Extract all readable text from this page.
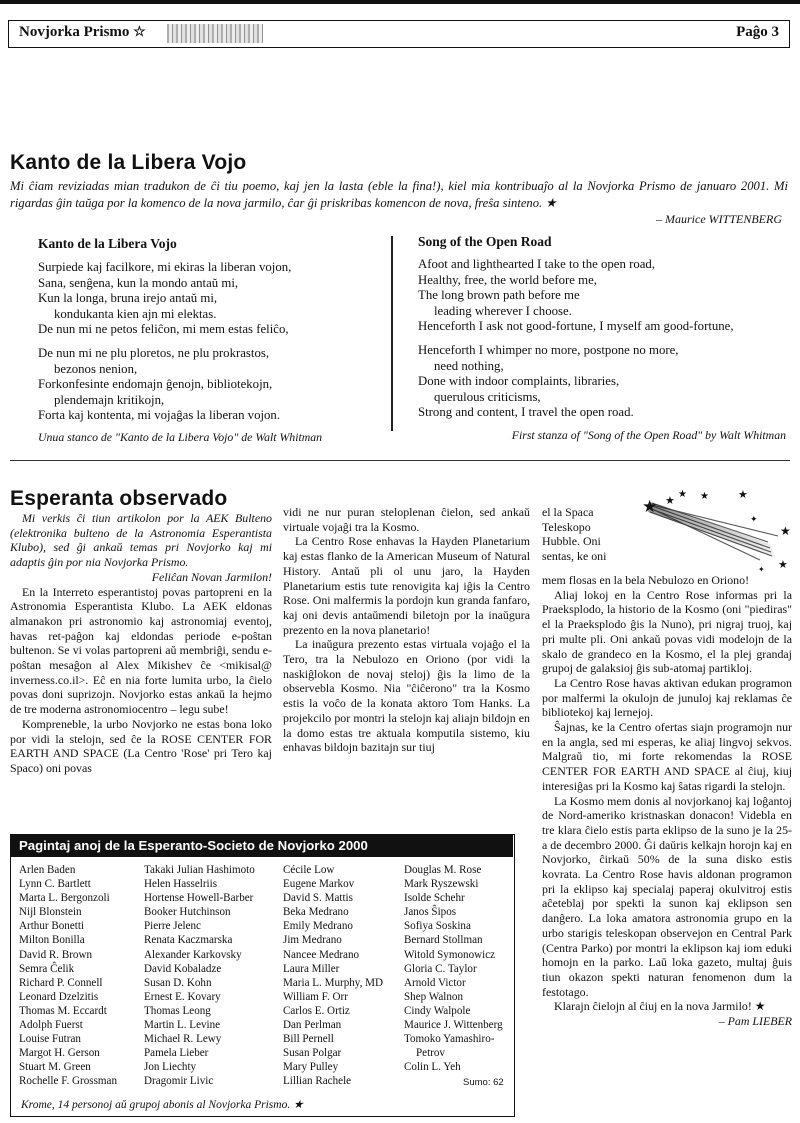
Novjorka Prismo ☆	Paĝo 3
Kanto de la Libera Vojo
Mi ĉiam reviziadas mian tradukon de ĉi tiu poemo, kaj jen la lasta (eble la fina!), kiel mia kontribuaĵo al la Novjorka Prismo de januaro 2001. Mi rigardas ĝin taŭga por la komenco de la nova jarmilo, ĉar ĝi priskribas komencon de nova, freŝa sinteno. ★
– Maurice WITTENBERG
Kanto de la Libera Vojo
Surpiede kaj facilkore, mi ekiras la liberan vojon,
Sana, senĝena, kun la mondo antaŭ mi,
Kun la longa, bruna irejo antaŭ mi,
kondukanta kien ajn mi elektas.
De nun mi ne petos feliĉon, mi mem estas feliĉo,
De nun mi ne plu ploretos, ne plu prokrastos,
bezonos nenion,
Forkonfesinte endomajn ĝenojn, bibliotekojn,
plendemajn kritikojn,
Forta kaj kontenta, mi vojaĝas la liberan vojon.
Unua stanco de "Kanto de la Libera Vojo" de Walt Whitman
Song of the Open Road
Afoot and lighthearted I take to the open road,
Healthy, free, the world before me,
The long brown path before me
leading wherever I choose.
Henceforth I ask not good-fortune, I myself am good-fortune,
Henceforth I whimper no more, postpone no more,
need nothing,
Done with indoor complaints, libraries,
querulous criticisms,
Strong and content, I travel the open road.
First stanza of "Song of the Open Road" by Walt Whitman
Esperanta observado

Mi verkis ĉi tiun artikolon por la AEK Bulteno (elektronika bulteno de la Astronomia Esperantista Klubo), sed ĝi ankaŭ temas pri Novjorko kaj mi adaptis ĝin por nia Novjorka Prismo.

Feliĉan Novan Jarmilon!

En la Interreto esperantistoj povas partopreni en la Astronomia Esperantista Klubo. La AEK eldonas almanakon pri astronomio kaj astronomiaj eventoj, havas ret-paĝon kaj eldondas periode e-poŝtan bultenon. Se vi volas partopreni aŭ membriĝi, sendu e-poŝtan mesaĝon al Alex Mikishev ĉe <mikisal@ inverness.co.il>. Eĉ en nia forte lumita urbo, la ĉielo povas doni suprizojn. Novjorko estas ankaŭ la hejmo de tre moderna astronomiocentro – legu sube!

Kompreneble, la urbo Novjorko ne estas bona loko por vidi la stelojn, sed ĉe la ROSE CENTER FOR EARTH AND SPACE (La Centro 'Rose' pri Tero kaj Spaco) oni povas

vidi ne nur puran steloplenan ĉielon, sed ankaŭ virtuale vojaĝi tra la Kosmo.

La Centro Rose enhavas la Hayden Planetarium kaj estas flanko de la American Museum of Natural History. Antaŭ pli ol unu jaro, la Hayden Planetarium estis tute renovigita kaj iĝis la Centro Rose. Oni malfermis la pordojn kun granda fanfaro, kaj oni devis antaŭmendi biletojn por la inaŭgura prezento en la nova planetario!

La inaŭgura prezento estas virtuala vojaĝo el la Tero, tra la Nebulozo en Oriono (por vidi la naskiĝlokon de novaj steloj) ĝis la limo de la observebla Kosmo. Nia "ĉiĉerono" tra la Kosmo estis la voĉo de la konata aktoro Tom Hanks. La projekcilo por montri la stelojn kaj aliajn bildojn en la domo estas tre aktuala komputila sistemo, kiu enhavas bildojn bazitajn sur tiuj

el la Spaca Teleskopo Hubble. Oni sentas, ke oni

★ ★ ★ ★	★
✦
★
★
✦

mem flosas en la bela Nebulozo en Oriono!

Aliaj lokoj en la Centro Rose informas pri la Praeksplodo, la historio de la Kosmo (oni "piediras" el la Praeksplodo ĝis la Nuno), pri nigraj truoj, kaj pri multe pli. Oni ankaŭ povas vidi modelojn de la skalo de grandeco en la Kosmo, el la plej grandaj grupoj de galaksioj ĝis sub-atomaj partikloj.

La Centro Rose havas aktivan edukan programon por malfermi la okulojn de junuloj kaj reklamas ĉe bibliotekoj kaj lernejoj.

Ŝajnas, ke la Centro ofertas siajn programojn nur en la angla, sed mi esperas, ke aliaj lingvoj sekvos. Malgraŭ tio, mi forte rekomendas la ROSE CENTER FOR EARTH AND SPACE al ĉiuj, kiuj interesiĝas pri la Kosmo kaj ŝatas rigardi la stelojn.

La Kosmo mem donis al novjorkanoj kaj loĝantoj de Nord-ameriko kristnaskan donacon! Videbla en tre klara ĉielo estis parta eklipso de la suno je la 25-a de decembro 2000. Ĝi daŭris kelkajn horojn kaj en Novjorko, ĉirkaŭ 50% de la suna disko estis kovrata. La Centro Rose havis aldonan programon pri la eklipso kaj specialaj paperaj okulvitroj estis aĉeteblaj por spekti la sunon kaj eklipson sen danĝero. La loka amatora astronomia grupo en la urbo starigis teleskopan observejon en Central Park (Centra Parko) por montri la eklipson kaj iom eduki homojn en la parko. Laŭ loka gazeto, multaj ĝuis tiun okazon spekti naturan fenomenon dum la festotago.

Klarajn ĉielojn al ĉiuj en la nova Jarmilo! ★

– Pam LIEBER

Pagintaj anoj de la Esperanto-Societo de Novjorko 2000
Arlen Baden
Lynn C. Bartlett
Marta L. Bergonzoli
Nijl Blonstein
Arthur Bonetti
Milton Bonilla
David R. Brown
Semra Ĉelik
Richard P. Connell
Leonard Dzelzitis
Thomas M. Eccardt
Adolph Fuerst
Louise Futran
Margot H. Gerson
Stuart M. Green
Rochelle F. Grossman
Takaki Julian Hashimoto
Helen Hasselriis
Hortense Howell-Barber
Booker Hutchinson
Pierre Jelenc
Renata Kaczmarska
Alexander Karkovsky
David Kobaladze
Susan D. Kohn
Ernest E. Kovary
Thomas Leong
Martin L. Levine
Michael R. Lewy
Pamela Lieber
Jon Liechty
Dragomir Livic
Cécile Low
Eugene Markov
David S. Mattis
Beka Medrano
Emily Medrano
Jim Medrano
Nancee Medrano
Laura Miller
Maria L. Murphy, MD
William F. Orr
Carlos E. Ortiz
Dan Perlman
Bill Pernell
Susan Polgar
Mary Pulley
Lillian Rachele
Douglas M. Rose
Mark Ryszewski
Isolde Schehr
Janos Ŝipos
Sofiya Soskina
Bernard Stollman
Witold Symonowicz
Gloria C. Taylor
Arnold Victor
Shep Walnon
Cindy Walpole
Maurice J. Wittenberg
Tomoko Yamashiro-
Petrov
Colin L. Yeh

Sumo: 62
Krome, 14 personoj aŭ grupoj abonis al Novjorka Prismo. ★
